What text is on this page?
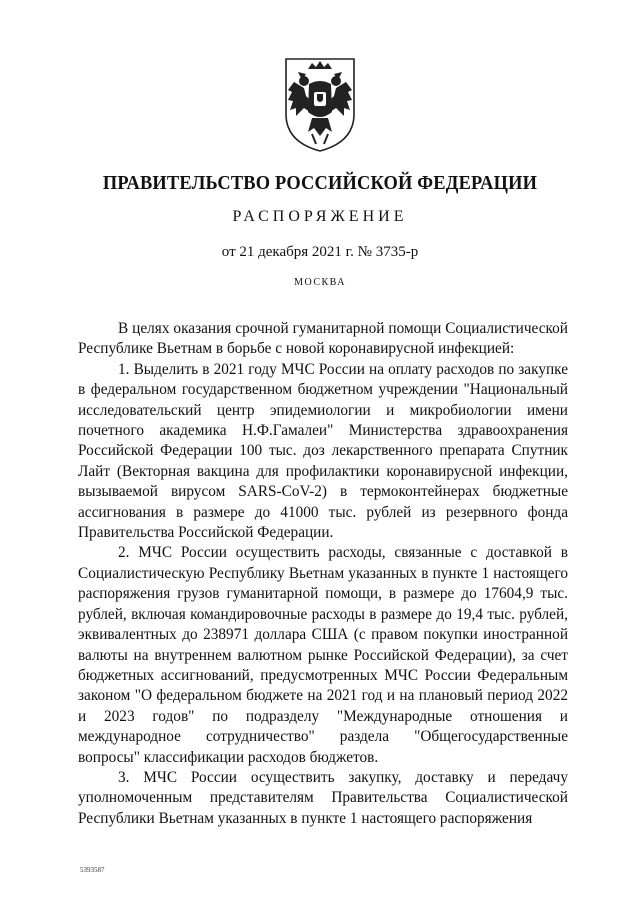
ПРАВИТЕЛЬСТВО РОССИЙСКОЙ ФЕДЕРАЦИИ
РАСПОРЯЖЕНИЕ
от 21 декабря 2021 г. № 3735-р
МОСКВА

В целях оказания срочной гуманитарной помощи Социалистической Республике Вьетнам в борьбе с новой коронавирусной инфекцией:

1. Выделить в 2021 году МЧС России на оплату расходов по закупке в федеральном государственном бюджетном учреждении "Национальный исследовательский центр эпидемиологии и микробиологии имени почетного академика Н.Ф.Гамалеи" Министерства здравоохранения Российской Федерации 100 тыс. доз лекарственного препарата Спутник Лайт (Векторная вакцина для профилактики коронавирусной инфекции, вызываемой вирусом SARS-CoV-2) в термоконтейнерах бюджетные ассигнования в размере до 41000 тыс. рублей из резервного фонда Правительства Российской Федерации.

2. МЧС России осуществить расходы, связанные с доставкой в Социалистическую Республику Вьетнам указанных в пункте 1 настоящего распоряжения грузов гуманитарной помощи, в размере до 17604,9 тыс. рублей, включая командировочные расходы в размере до 19,4 тыс. рублей, эквивалентных до 238971 доллара США (с правом покупки иностранной валюты на внутреннем валютном рынке Российской Федерации), за счет бюджетных ассигнований, предусмотренных МЧС России Федеральным законом "О федеральном бюджете на 2021 год и на плановый период 2022 и 2023 годов" по подразделу "Международные отношения и международное сотрудничество" раздела "Общегосударственные вопросы" классификации расходов бюджетов.

3. МЧС России осуществить закупку, доставку и передачу уполномоченным представителям Правительства Социалистической Республики Вьетнам указанных в пункте 1 настоящего распоряжения

5393587
